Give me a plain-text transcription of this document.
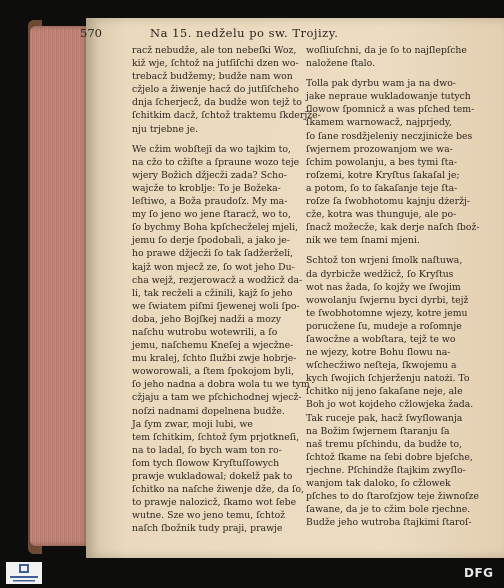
570	Na 15. nedželu po sw. Trojizy.

racž nebudže, ale ton nebeſki Woz,

kiž wje, ſchtož na jutſiſchi dzen wo-

trebacž budžemy; budže nam won

cžjelo a žiwenje hacž do jutſiſcheho

dnja ſcherjecž, da budže won tejž to

ſchitkim dacž, ſchtož traktemu ſkderjže-

nju trjebne je.

We cžim wobſtejī da wo tajkim to,

na cžo to cžiſte a ſpraune wozo teje

wjery Božich džjecži zada? Scho-

wajcže to kroblje: To je Božeka-

leſtiwo, a Boža praudoſz. My ma-

my ſo jeno wo jene ſtaracž, wo to,

ſo bychmy Boha kpſchecželej mjeli,

jemu ſo derje ſpodobali, a jako je-

ho prawe džjecži ſo tak ſadžerželi,

kajž won mjecž ze, ſo wot jeho Du-

cha wejž, rezjerowacž a wodžicž da-

li, tak recželi a cžinili, kajž ſo jeho

we ſwiatem piſmi ſjewenej woli ſpo-

doba, jeho Bojſkej nadži a mozy

naſchu wutrobu wotewrili, a ſo

jemu, naſchemu Kneſej a wjecžne-

mu kralej, ſchto ſlužbi zwje hobrje-

woworowali, a ſtem ſpokojom byli,

ſo jeho nadna a dobra wola tu we tym

cžjaju a tam we pſchichodnej wjecž-

noſzi nadnami dopelnena budže.

Ja ſym zwar, moji lubi, we

tem ſchitkim, ſchtož ſym prjotkneſi,

na to ladal, ſo bych wam ton ro-

ſom tych ſlowow Kryſtuſſowych

prawje wukladowal; dokelž pak to

ſchitko na naſche žiwenje dže, da ſo,

to prawje nalozicž, ſkamo wot ſebe

wutne. Sze wo jeno temu, ſchtož

naſch ſbožnik tudy praji, prawje

woſliuſchni, da je ſo to najſlepſche

naložene ſtalo.

Tolla pak dyrbu wam ja na dwo-

jake nepraue wukladowanje tutych

ſlowow ſpomnicž a was pſched tem-

ſkamem warnowacž, najprjedy,

ſo ſane rosdžjeleniy neczjinicže bes

ſwjernem prozowanjom we wa-

ſchim powolanju, a bes tymi ſta-

roſzemi, kotre Kryſtus ſakaſal je;

a potom, ſo to ſakaſanje teje ſta-

roſze ſa ſwobhotomu kajnju dżeržj-

cže, kotra was thunguje, ale po-

ſnacž možecže, kak derje naſch ſbož-

nik we tem ſnami mjeni.

Schtož ton wrjeni ſmolk naſtuwa,

da dyrbicže wedžicž, ſo Kryſtus

wot nas žada, ſo kojžy we ſwojim

wowolanju ſwjernu byci dyrbi, tejž

te ſwobhotomne wjezy, kotre jemu

porucžene ſu, mudeje a roſomnje

ſawocžne a wobſtara, tejž te wo

ne wjezy, kotre Bohu ſlowu na-

wſchecžiwo neſteja, ſkwojemu a

kych ſwojich ſchjerženju natożi. To

ſchitko nij jeno ſakaſane neje, ale

Boh jo wot kojdeho cžlowjeka žada.

Tak ruceje pak, hacž ſwyſlowanja

na Božim ſwjernem ſtaranju ſa

naš tremu pſchindu, da budže to,

ſchtož ſkame na ſebi dobre bjeſche,

rjechne. Pſchindže ſtajkim zwyſlo-

wanjom tak daloko, ſo cžlowek

pſches to do ſtaroſzjow teje žiwnoſze

ſawane, da je to cžim bole rjechne.

Budže jeho wutroba ſtajkimi ſtaroſ-

DFG
